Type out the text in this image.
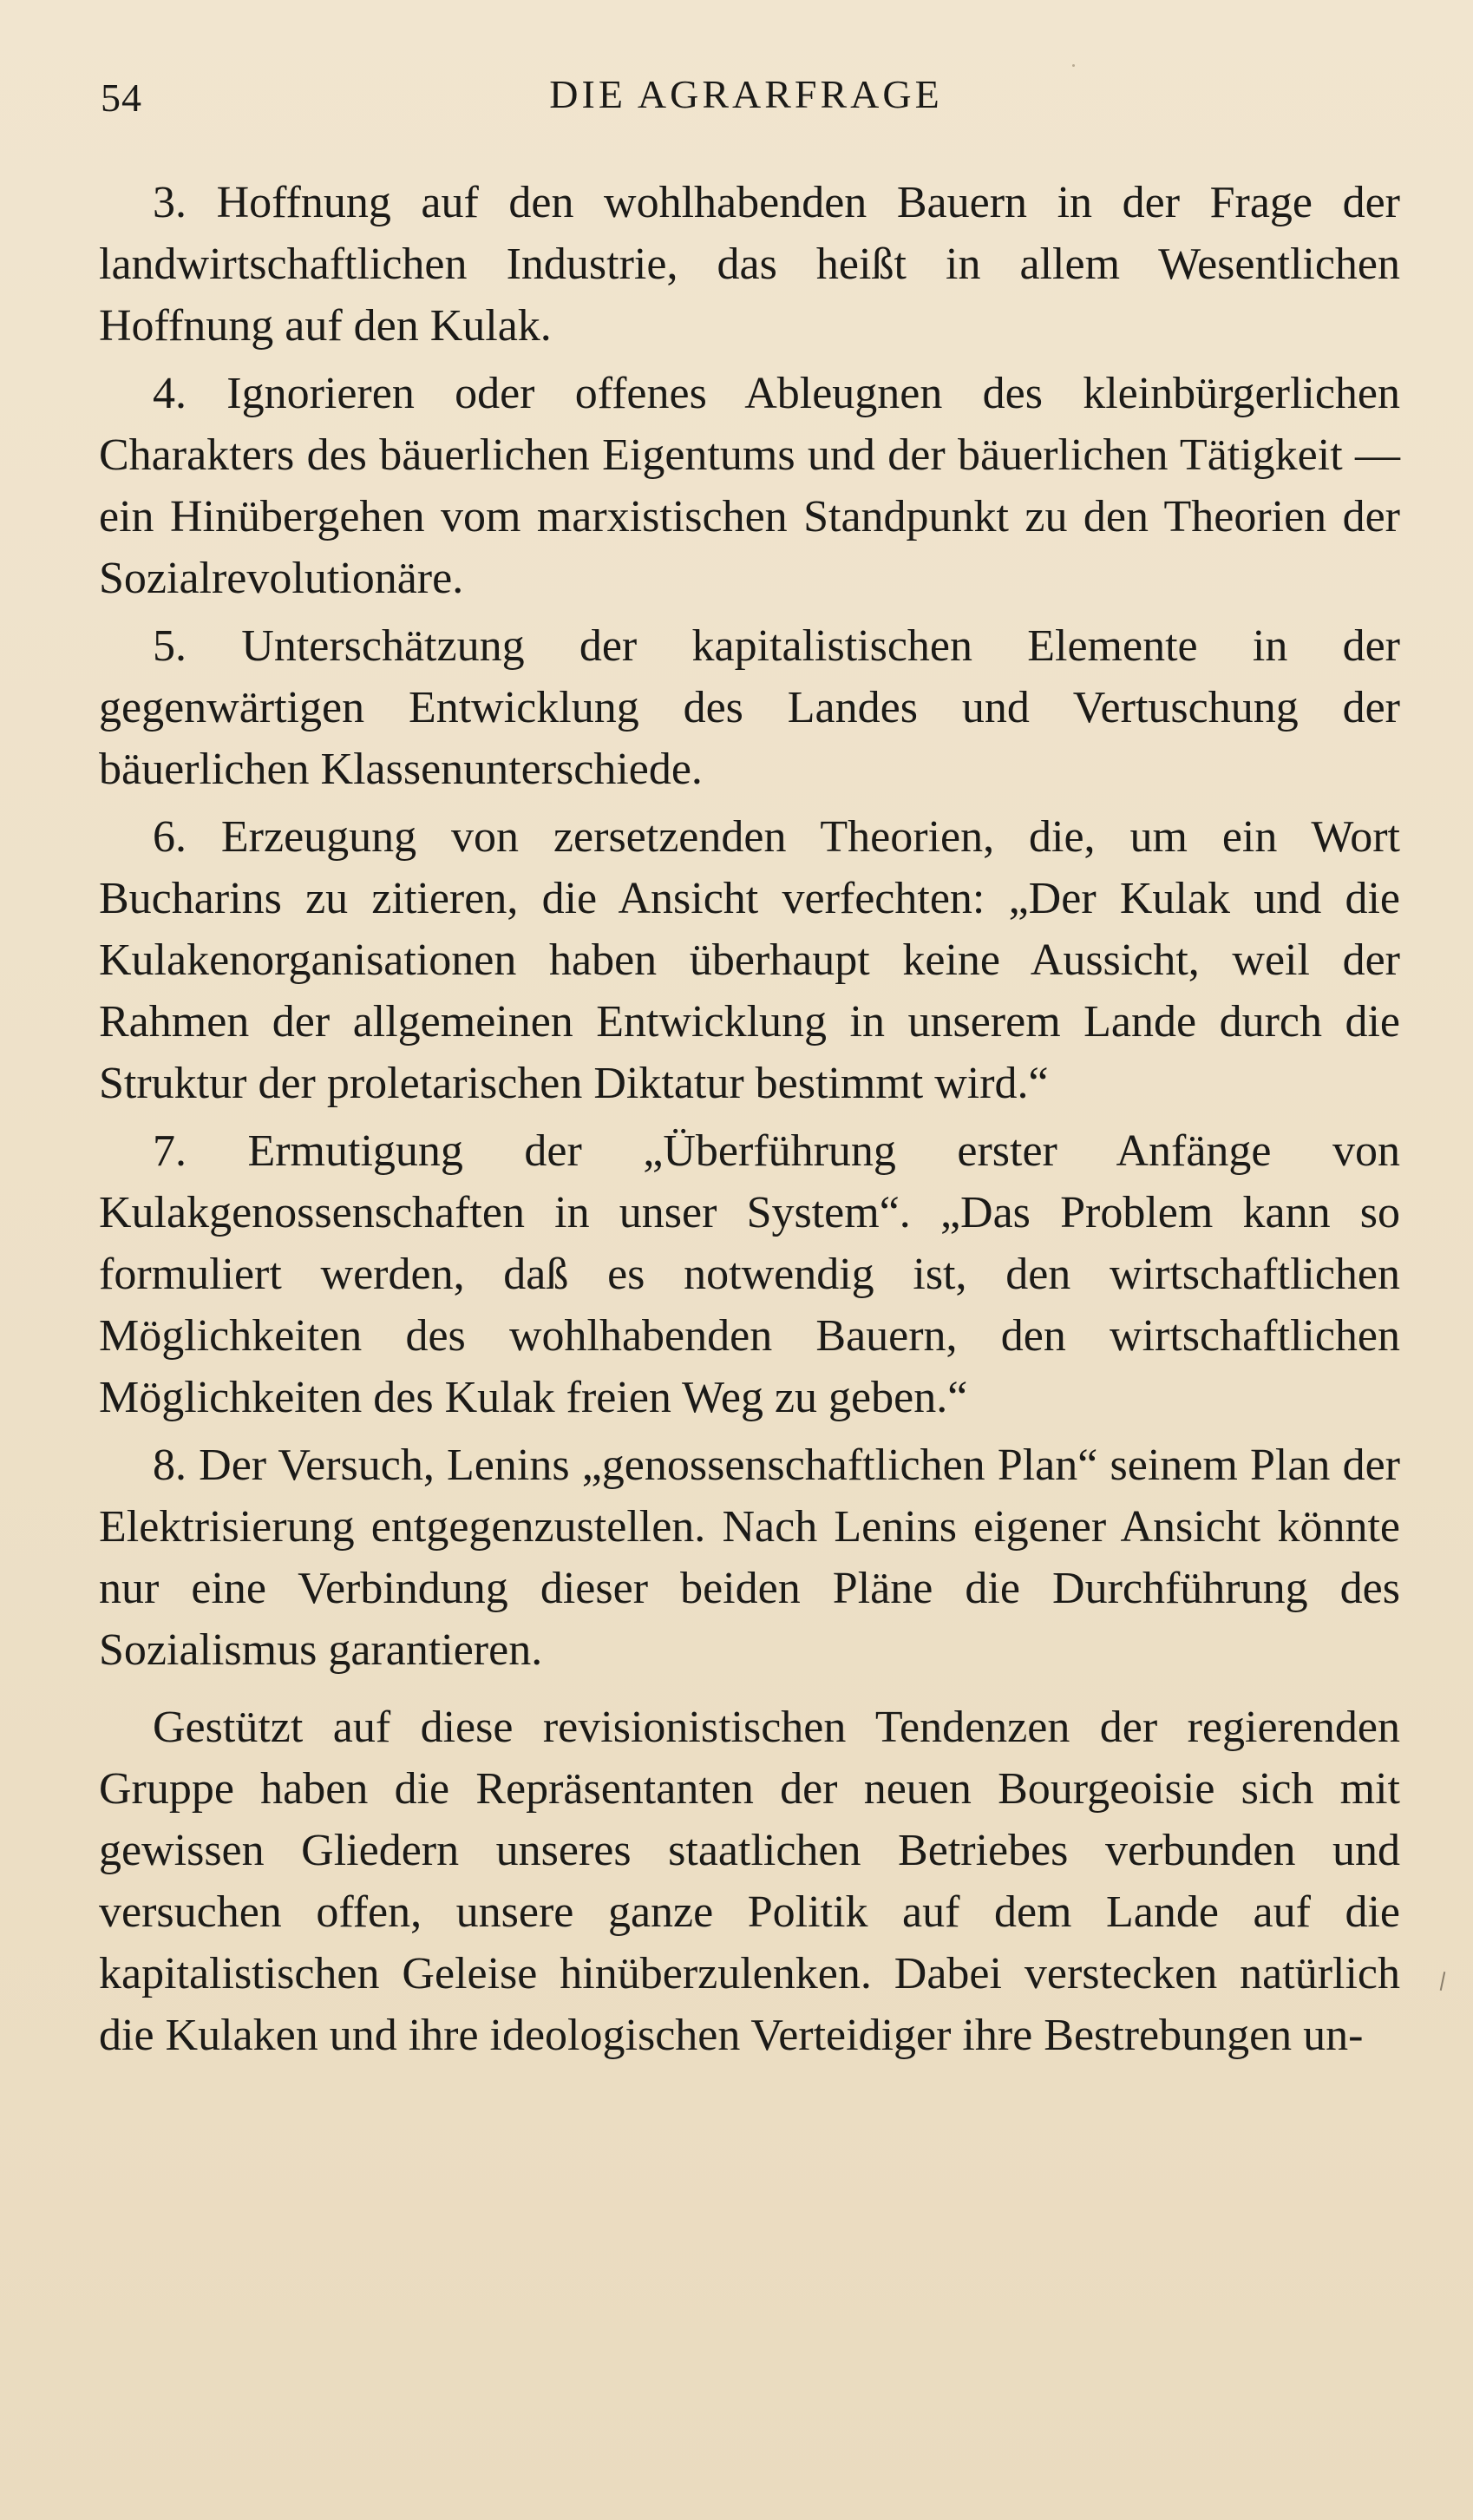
54	DIE AGRARFRAGE

3. Hoffnung auf den wohlhabenden Bauern in der Frage der landwirtschaftlichen Industrie, das heißt in allem Wesentlichen Hoffnung auf den Kulak.

4. Ignorieren oder offenes Ableugnen des kleinbürgerlichen Charakters des bäuerlichen Eigentums und der bäuerlichen Tätigkeit — ein Hinübergehen vom marxistischen Standpunkt zu den Theorien der Sozialrevolutionäre.

5. Unterschätzung der kapitalistischen Elemente in der gegenwärtigen Entwicklung des Landes und Vertuschung der bäuerlichen Klassenunterschiede.

6. Erzeugung von zersetzenden Theorien, die, um ein Wort Bucharins zu zitieren, die Ansicht verfechten: „Der Kulak und die Kulakenorganisationen haben überhaupt keine Aussicht, weil der Rahmen der allgemeinen Entwicklung in unserem Lande durch die Struktur der proletarischen Diktatur bestimmt wird.“

7. Ermutigung der „Überführung erster Anfänge von Kulakgenossenschaften in unser System“. „Das Problem kann so formuliert werden, daß es notwendig ist, den wirtschaftlichen Möglichkeiten des wohlhabenden Bauern, den wirtschaftlichen Möglichkeiten des Kulak freien Weg zu geben.“

8. Der Versuch, Lenins „genossenschaftlichen Plan“ seinem Plan der Elektrisierung entgegenzustellen. Nach Lenins eigener Ansicht könnte nur eine Verbindung dieser beiden Pläne die Durchführung des Sozialismus garantieren.

Gestützt auf diese revisionistischen Tendenzen der regierenden Gruppe haben die Repräsentanten der neuen Bourgeoisie sich mit gewissen Gliedern unseres staatlichen Betriebes verbunden und versuchen offen, unsere ganze Politik auf dem Lande auf die kapitalistischen Geleise hinüberzulenken. Dabei verstecken natürlich die Kulaken und ihre ideologischen Verteidiger ihre Bestrebungen un-
